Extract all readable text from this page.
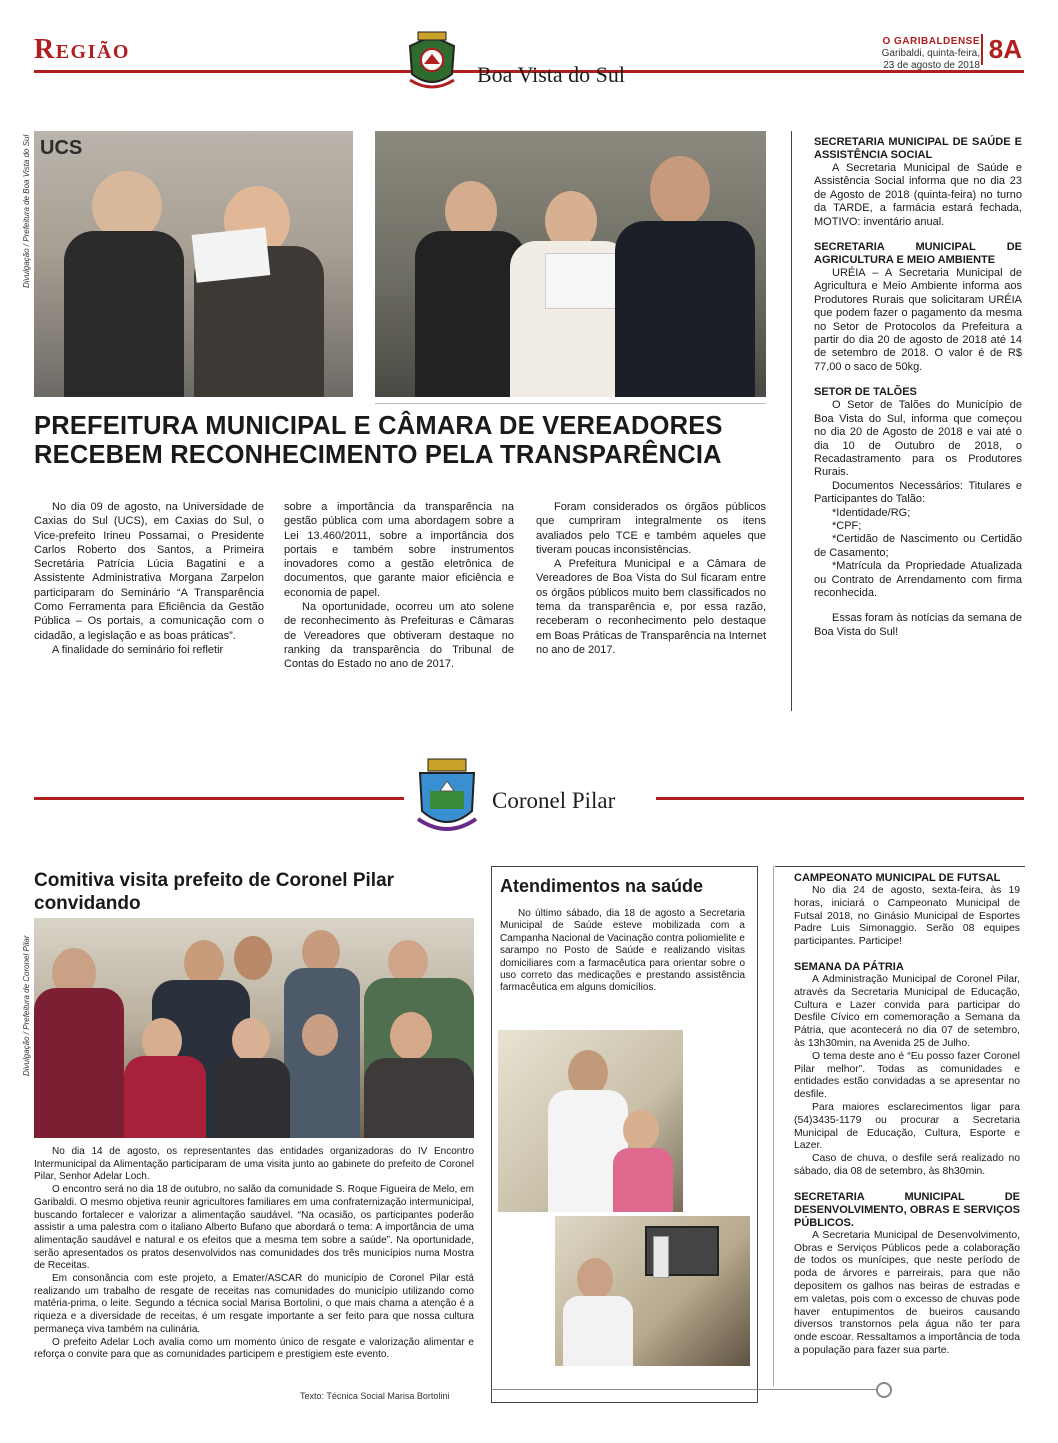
Região
Boa Vista do Sul
O GARIBALDENSE
Garibaldi, quinta-feira,
23 de agosto de 2018
8A
Divulgação / Prefeitura de Boa Vista do Sul UCS
PREFEITURA MUNICIPAL E CÂMARA DE VEREADORES
RECEBEM RECONHECIMENTO PELA TRANSPARÊNCIA

No dia 09 de agosto, na Universidade de Caxias do Sul (UCS), em Caxias do Sul, o Vice-prefeito Irineu Possamai, o Presidente Carlos Roberto dos Santos, a Primeira Secretária Patrícia Lúcia Bagatini e a Assistente Administrativa Morgana Zarpelon participaram do Seminário “A Transparência Como Ferramenta para Eficiência da Gestão Pública – Os portais, a comunicação com o cidadão, a legislação e as boas práticas”.

A finalidade do seminário foi refletir

sobre a importância da transparência na gestão pública com uma abordagem sobre a Lei 13.460/2011, sobre a importância dos portais e também sobre instrumentos inovadores como a gestão eletrônica de documentos, que garante maior eficiência e economia de papel.

Na oportunidade, ocorreu um ato solene de reconhecimento às Prefeituras e Câmaras de Vereadores que obtiveram destaque no ranking da transparência do Tribunal de Contas do Estado no ano de 2017.

Foram considerados os órgãos públicos que cumpriram integralmente os itens avaliados pelo TCE e também aqueles que tiveram poucas inconsistências.

A Prefeitura Municipal e a Câmara de Vereadores de Boa Vista do Sul ficaram entre os órgãos públicos muito bem classificados no tema da transparência e, por essa razão, receberam o reconhecimento pelo destaque em Boas Práticas de Transparência na Internet no ano de 2017.

SECRETARIA MUNICIPAL DE SAÚDE E ASSISTÊNCIA SOCIAL

A Secretaria Municipal de Saúde e Assistência Social informa que no dia 23 de Agosto de 2018 (quinta-feira) no turno da TARDE, a farmácia estará fechada, MOTIVO: inventário anual.

SECRETARIA MUNICIPAL DE AGRICULTURA E MEIO AMBIENTE

URÉIA – A Secretaria Municipal de Agricultura e Meio Ambiente informa aos Produtores Rurais que solicitaram URÉIA que podem fazer o pagamento da mesma no Setor de Protocolos da Prefeitura a partir do dia 20 de agosto de 2018 até 14 de setembro de 2018. O valor é de R$ 77,00 o saco de 50kg.

SETOR DE TALÕES

O Setor de Talões do Município de Boa Vista do Sul, informa que começou no dia 20 de Agosto de 2018 e vai até o dia 10 de Outubro de 2018, o Recadastramento para os Produtores Rurais.

Documentos Necessários: Titulares e Participantes do Talão:

*Identidade/RG;

*CPF;

*Certidão de Nascimento ou Certidão de Casamento;

*Matrícula da Propriedade Atualizada ou Contrato de Arrendamento com firma reconhecida.

Essas foram às notícias da semana de Boa Vista do Sul!

Coronel Pilar
Comitiva visita prefeito de Coronel Pilar convidando
Divulgação / Prefeitura de Coronel Pilar

No dia 14 de agosto, os representantes das entidades organizadoras do IV Encontro Intermunicipal da Alimentação participaram de uma visita junto ao gabinete do prefeito de Coronel Pilar, Senhor Adelar Loch.

O encontro será no dia 18 de outubro, no salão da comunidade S. Roque Figueira de Melo, em Garibaldi. O mesmo objetiva reunir agricultores familiares em uma confraternização intermunicipal, buscando fortalecer e valorizar a alimentação saudável. “Na ocasião, os participantes poderão assistir a uma palestra com o italiano Alberto Bufano que abordará o tema: A importância de uma alimentação saudável e natural e os efeitos que a mesma tem sobre a saúde”. Na oportunidade, serão apresentados os pratos desenvolvidos nas comunidades dos três municípios numa Mostra de Receitas.

Em consonância com este projeto, a Emater/ASCAR do município de Coronel Pilar está realizando um trabalho de resgate de receitas nas comunidades do município utilizando como matéria-prima, o leite. Segundo a técnica social Marisa Bortolini, o que mais chama a atenção é a riqueza e a diversidade de receitas, é um resgate importante a ser feito para que nossa cultura permaneça viva também na culinária.

O prefeito Adelar Loch avalia como um momento único de resgate e valorização alimentar e reforça o convite para que as comunidades participem e prestigiem este evento.

Texto: Técnica Social Marisa Bortolini
Atendimentos na saúde

No último sábado, dia 18 de agosto a Secretaria Municipal de Saúde esteve mobilizada com a Campanha Nacional de Vacinação contra poliomielite e sarampo no Posto de Saúde e realizando visitas domiciliares com a farmacêutica para orientar sobre o uso correto das medicações e prestando assistência farmacêutica em alguns domicílios.

CAMPEONATO MUNICIPAL DE FUTSAL

No dia 24 de agosto, sexta-feira, às 19 horas, iniciará o Campeonato Municipal de Futsal 2018, no Ginásio Municipal de Esportes Padre Luis Simonaggio. Serão 08 equipes participantes. Participe!

SEMANA DA PÁTRIA

A Administração Municipal de Coronel Pilar, através da Secretaria Municipal de Educação, Cultura e Lazer convida para participar do Desfile Cívico em comemoração a Semana da Pátria, que acontecerá no dia 07 de setembro, às 13h30min, na Avenida 25 de Julho.

O tema deste ano é “Eu posso fazer Coronel Pilar melhor”. Todas as comunidades e entidades estão convidadas a se apresentar no desfile.

Para maiores esclarecimentos ligar para (54)3435-1179 ou procurar a Secretaria Municipal de Educação, Cultura, Esporte e Lazer.

Caso de chuva, o desfile será realizado no sábado, dia 08 de setembro, às 8h30min.

SECRETARIA MUNICIPAL DE DESENVOLVIMENTO, OBRAS E SERVIÇOS PÚBLICOS.

A Secretaria Municipal de Desenvolvimento, Obras e Serviços Públicos pede a colaboração de todos os munícipes, que neste período de poda de árvores e parreirais, para que não depositem os galhos nas beiras de estradas e em valetas, pois com o excesso de chuvas pode haver entupimentos de bueiros causando diversos transtornos pela água não ter para onde escoar. Ressaltamos a importância de toda a população para fazer sua parte.
